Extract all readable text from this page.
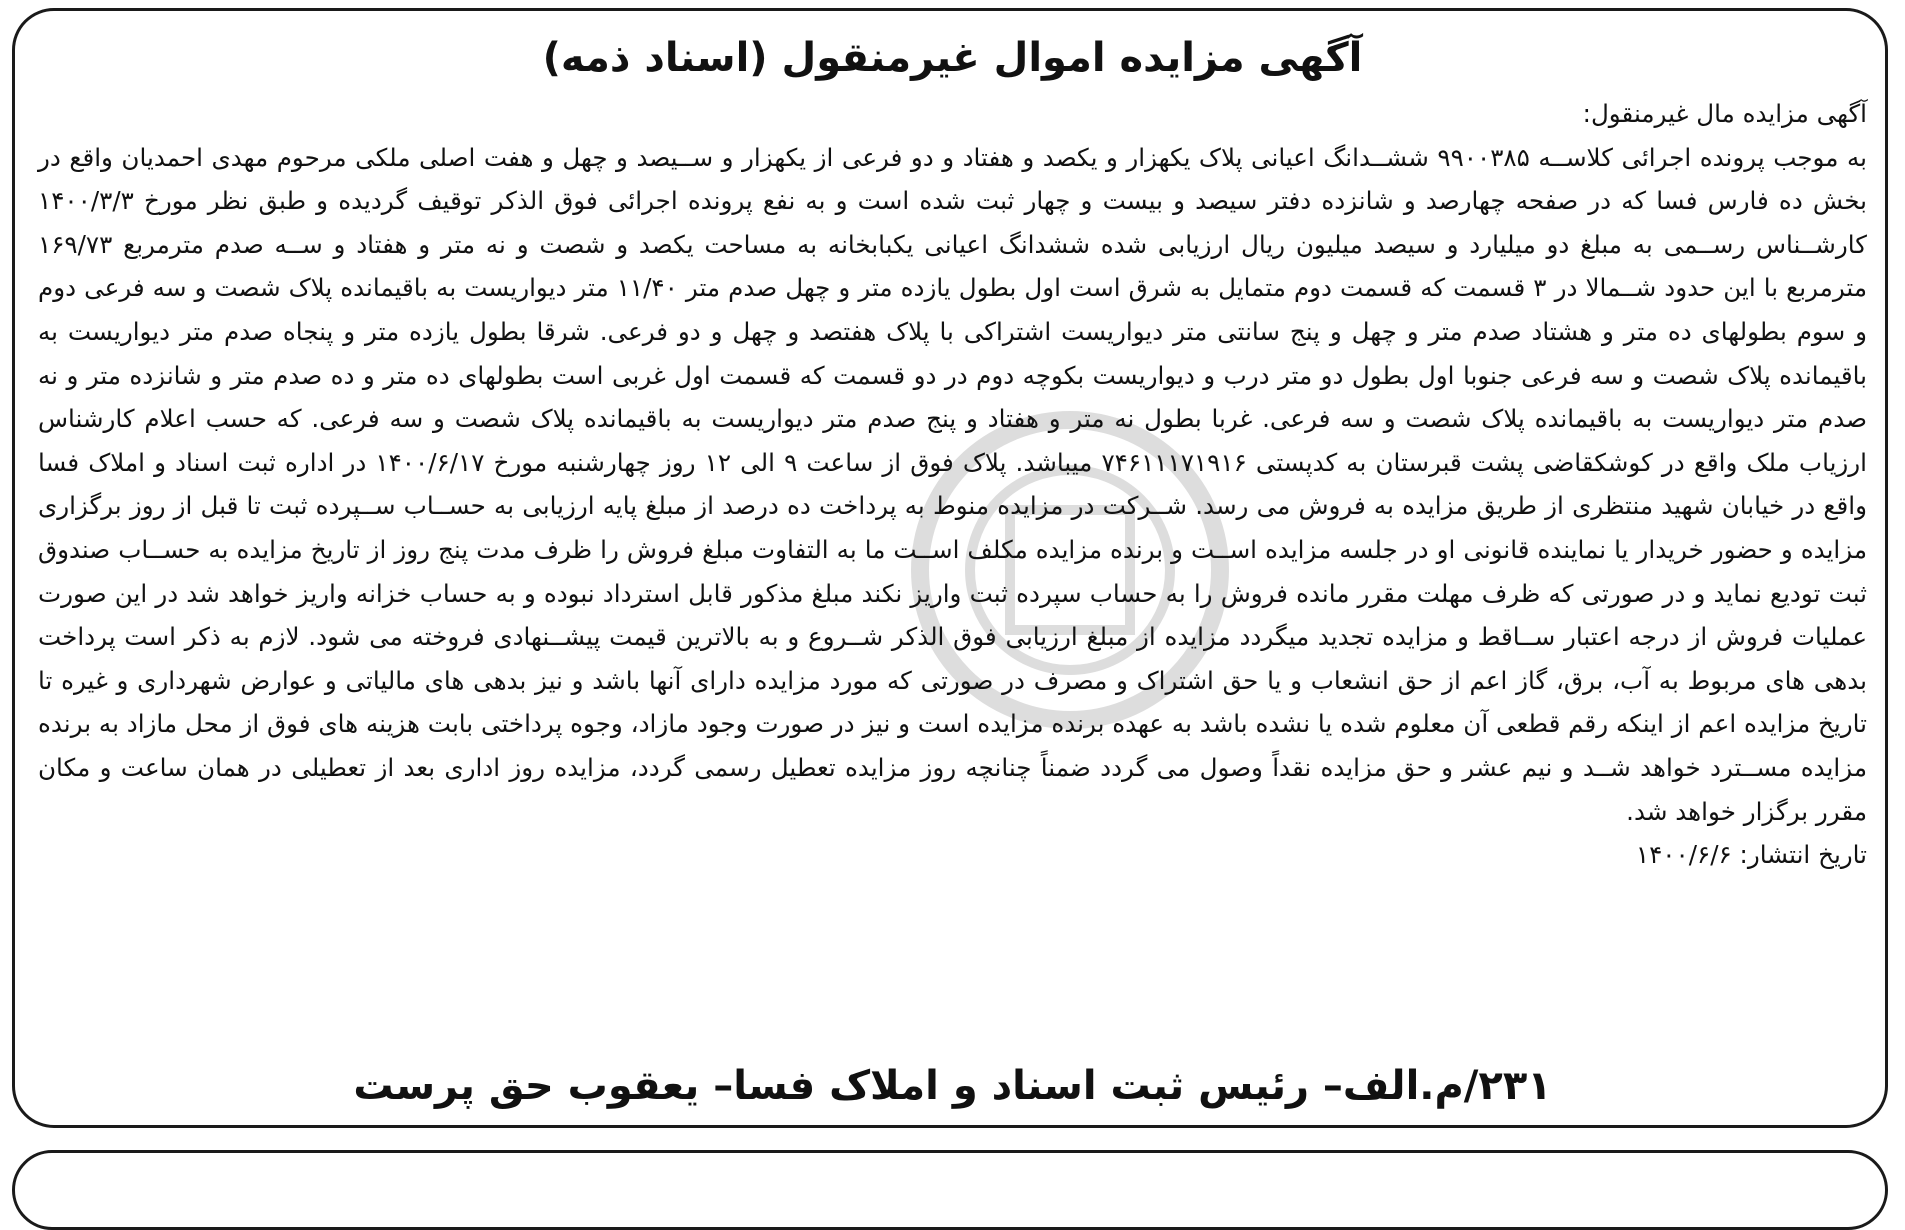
آگهی مزایده اموال غیرمنقول (اسناد ذمه)

آگهی مزایده مال غیرمنقول:

به موجب پرونده اجرائی کلاســه ۹۹۰۰۳۸۵ ششــدانگ اعیانی پلاک یکهزار و یکصد و هفتاد و دو فرعی از یکهزار و ســیصد و چهل و هفت اصلی ملکی مرحوم مهدی احمدیان واقع در بخش ده فارس فسا که در صفحه چهارصد و شانزده دفتر سیصد و بیست و چهار ثبت شده است و به نفع پرونده اجرائی فوق الذکر توقیف گردیده و طبق نظر مورخ ۱۴۰۰/۳/۳ کارشــناس رســمی به مبلغ دو میلیارد و سیصد میلیون ریال ارزیابی شده ششدانگ اعیانی یکبابخانه به مساحت یکصد و شصت و نه متر و هفتاد و ســه صدم مترمربع ۱۶۹/۷۳ مترمربع با این حدود شــمالا در ۳ قسمت که قسمت دوم متمایل به شرق است اول بطول یازده متر و چهل صدم متر ۱۱/۴۰ متر دیواریست به باقیمانده پلاک شصت و سه فرعی دوم و سوم بطولهای ده متر و هشتاد صدم متر و چهل و پنج سانتی متر دیواریست اشتراکی با پلاک هفتصد و چهل و دو فرعی. شرقا بطول یازده متر و پنجاه صدم متر دیواریست به باقیمانده پلاک شصت و سه فرعی جنوبا اول بطول دو متر درب و دیواریست بکوچه دوم در دو قسمت که قسمت اول غربی است بطولهای ده متر و ده صدم متر و شانزده متر و نه صدم متر دیواریست به باقیمانده پلاک شصت و سه فرعی. غربا بطول نه متر و هفتاد و پنج صدم متر دیواریست به باقیمانده پلاک شصت و سه فرعی. که حسب اعلام کارشناس ارزیاب ملک واقع در کوشکقاضی پشت قبرستان به کدپستی ۷۴۶۱۱۱۷۱۹۱۶ میباشد. پلاک فوق از ساعت ۹ الی ۱۲ روز چهارشنبه مورخ ۱۴۰۰/۶/۱۷ در اداره ثبت اسناد و املاک فسا واقع در خیابان شهید منتظری از طریق مزایده به فروش می رسد. شــرکت در مزایده منوط به پرداخت ده درصد از مبلغ پایه ارزیابی به حســاب ســپرده ثبت تا قبل از روز برگزاری مزایده و حضور خریدار یا نماینده قانونی او در جلسه مزایده اســت و برنده مزایده مکلف اســت ما به التفاوت مبلغ فروش را ظرف مدت پنج روز از تاریخ مزایده به حســاب صندوق ثبت تودیع نماید و در صورتی که ظرف مهلت مقرر مانده فروش را به حساب سپرده ثبت واریز نکند مبلغ مذکور قابل استرداد نبوده و به حساب خزانه واریز خواهد شد در این صورت عملیات فروش از درجه اعتبار ســاقط و مزایده تجدید میگردد مزایده از مبلغ ارزیابی فوق الذکر شــروع و به بالاترین قیمت پیشــنهادی فروخته می شود. لازم به ذکر است پرداخت بدهی های مربوط به آب، برق، گاز اعم از حق انشعاب و یا حق اشتراک و مصرف در صورتی که مورد مزایده دارای آنها باشد و نیز بدهی های مالیاتی و عوارض شهرداری و غیره تا تاریخ مزایده اعم از اینکه رقم قطعی آن معلوم شده یا نشده باشد به عهده برنده مزایده است و نیز در صورت وجود مازاد، وجوه پرداختی بابت هزینه های فوق از محل مازاد به برنده مزایده مســترد خواهد شــد و نیم عشر و حق مزایده نقداً وصول می گردد ضمناً چنانچه روز مزایده تعطیل رسمی گردد، مزایده روز اداری بعد از تعطیلی در همان ساعت و مکان مقرر برگزار خواهد شد.

تاریخ انتشار: ۱۴۰۰/۶/۶

۲۳۱/م.الف– رئیس ثبت اسناد و املاک فسا– یعقوب حق پرست
